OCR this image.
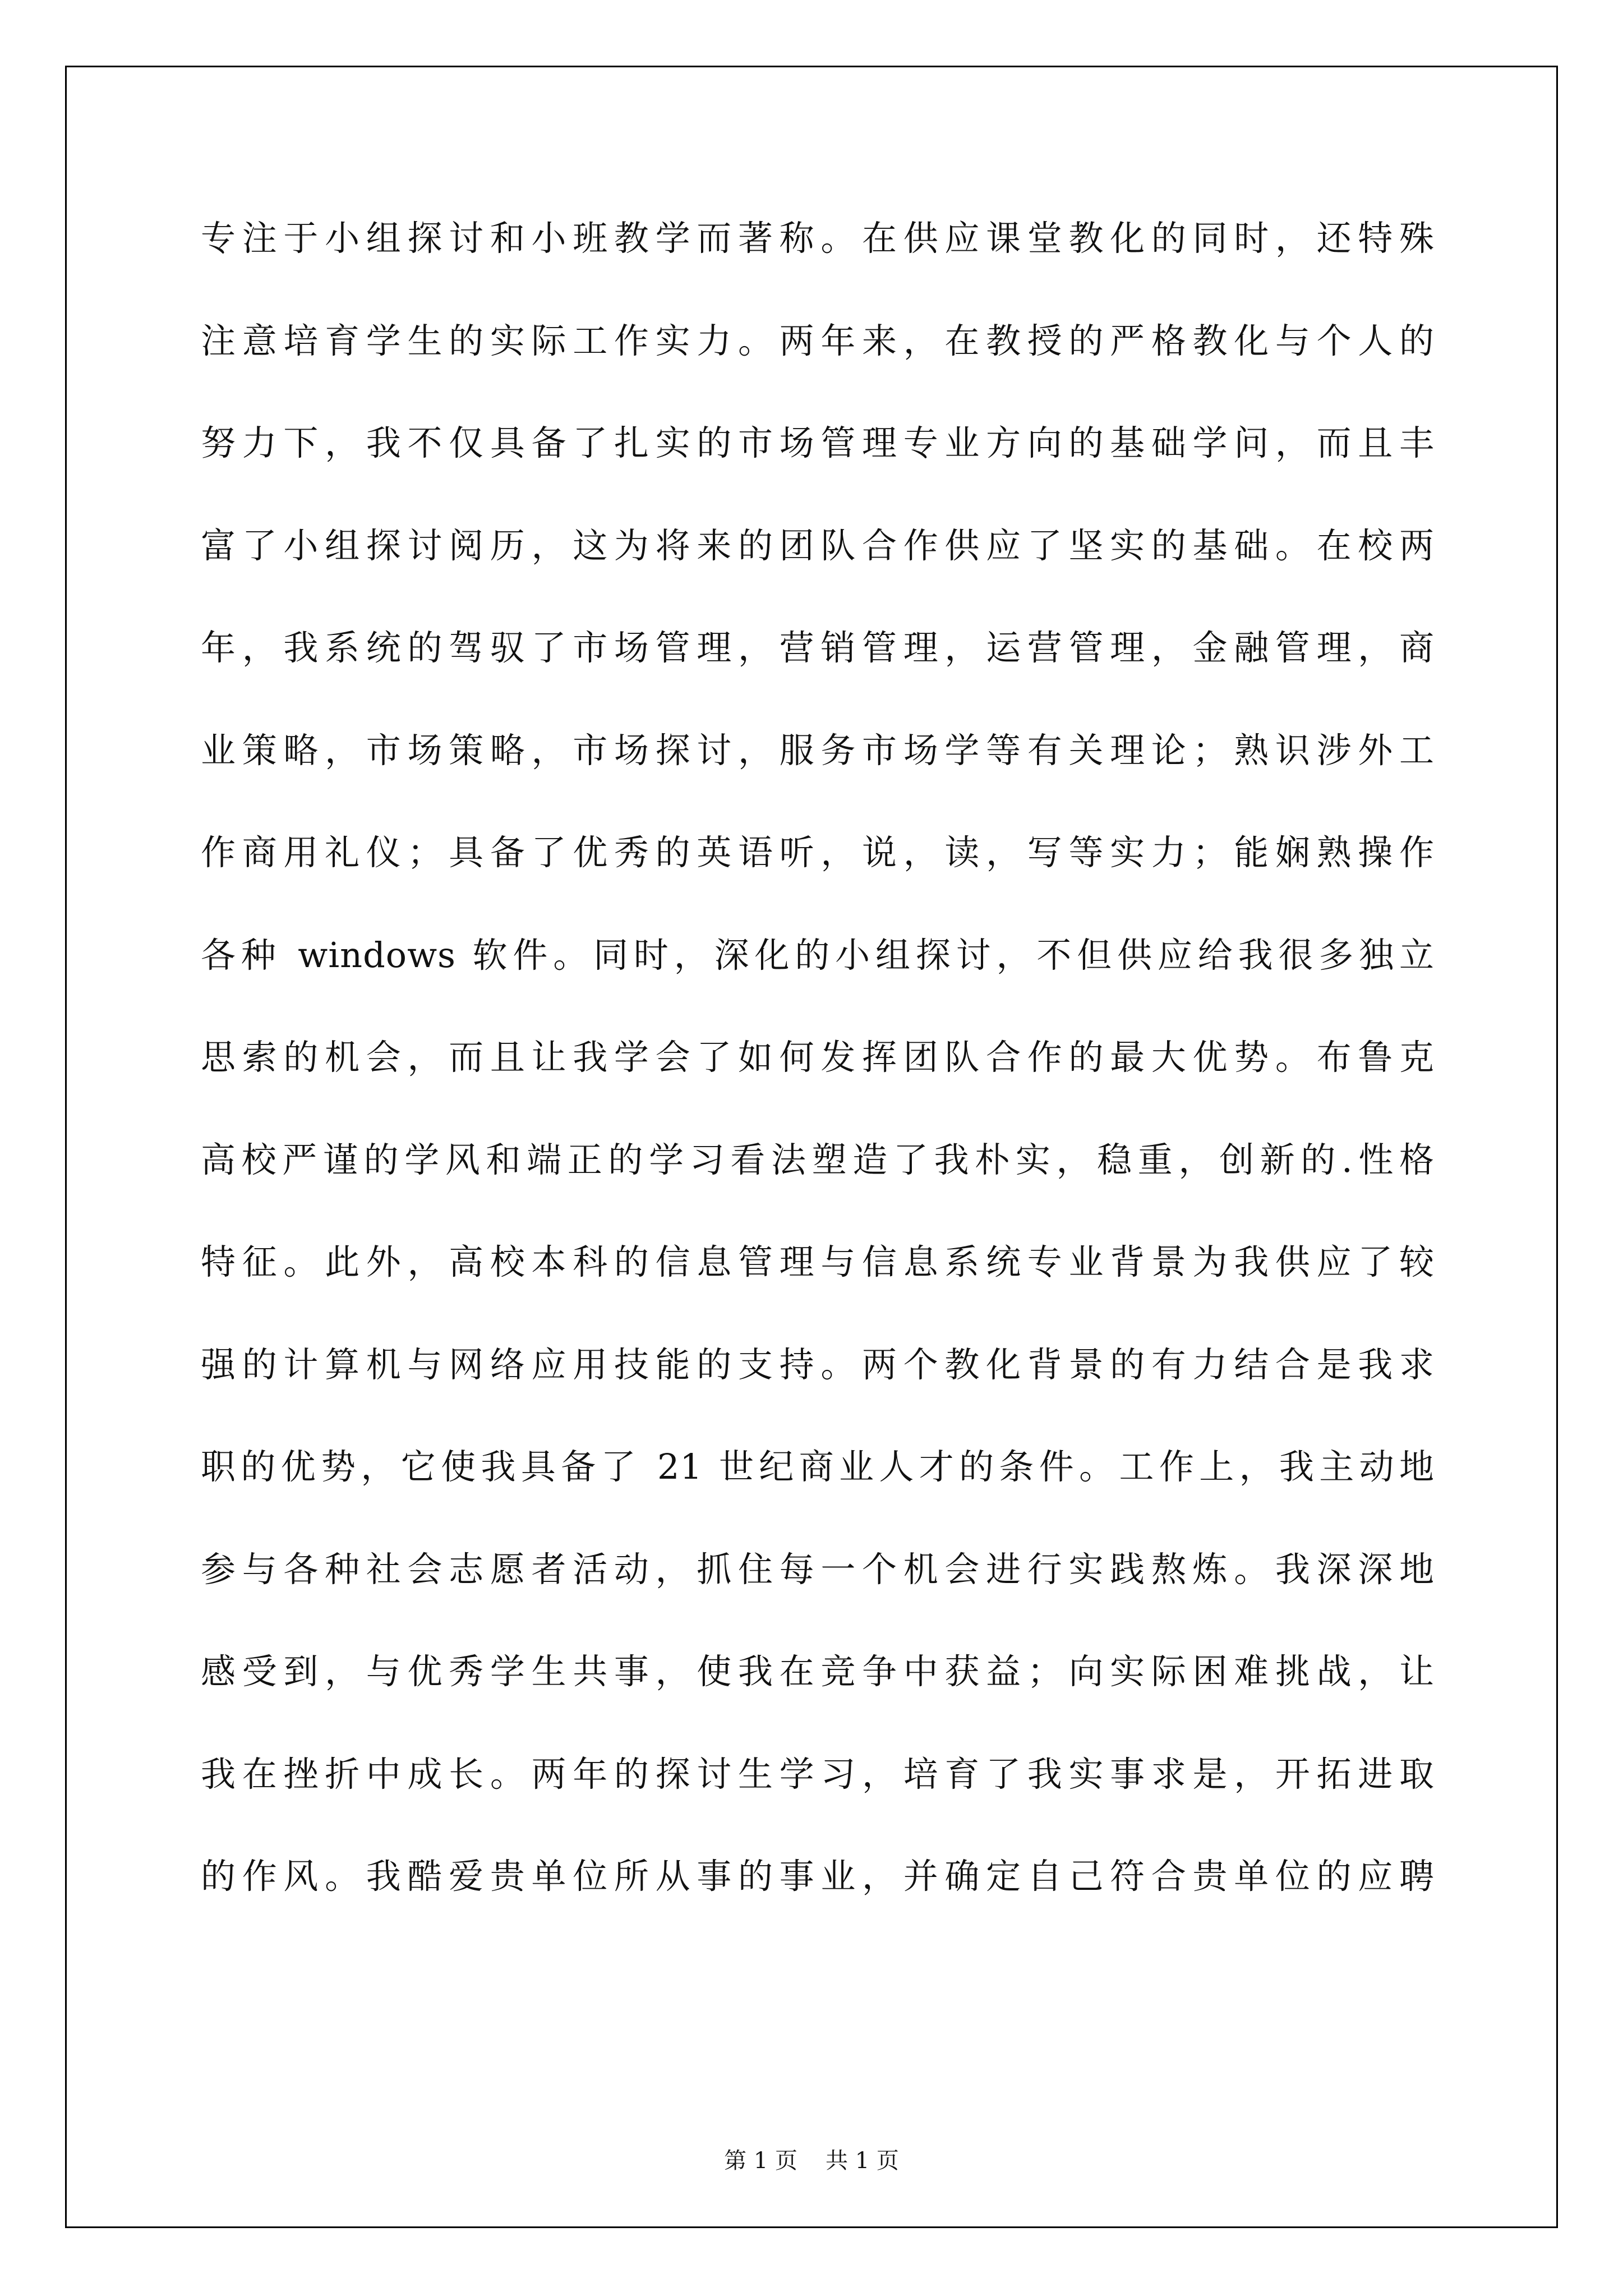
专注于小组探讨和小班教学而著称。在供应课堂教化的同时，还特殊
注意培育学生的实际工作实力。两年来，在教授的严格教化与个人的
努力下，我不仅具备了扎实的市场管理专业方向的基础学问，而且丰
富了小组探讨阅历，这为将来的团队合作供应了坚实的基础。在校两
年，我系统的驾驭了市场管理，营销管理，运营管理，金融管理，商
业策略，市场策略，市场探讨，服务市场学等有关理论；熟识涉外工
作商用礼仪；具备了优秀的英语听，说，读，写等实力；能娴熟操作
各种 windows 软件。同时，深化的小组探讨，不但供应给我很多独立
思索的机会，而且让我学会了如何发挥团队合作的最大优势。布鲁克
高校严谨的学风和端正的学习看法塑造了我朴实，稳重，创新的.性格
特征。此外，高校本科的信息管理与信息系统专业背景为我供应了较
强的计算机与网络应用技能的支持。两个教化背景的有力结合是我求
职的优势，它使我具备了 21 世纪商业人才的条件。工作上，我主动地
参与各种社会志愿者活动，抓住每一个机会进行实践熬炼。我深深地
感受到，与优秀学生共事，使我在竞争中获益；向实际困难挑战，让
我在挫折中成长。两年的探讨生学习，培育了我实事求是，开拓进取
的作风。我酷爱贵单位所从事的事业，并确定自己符合贵单位的应聘
第 1 页 共 1 页
